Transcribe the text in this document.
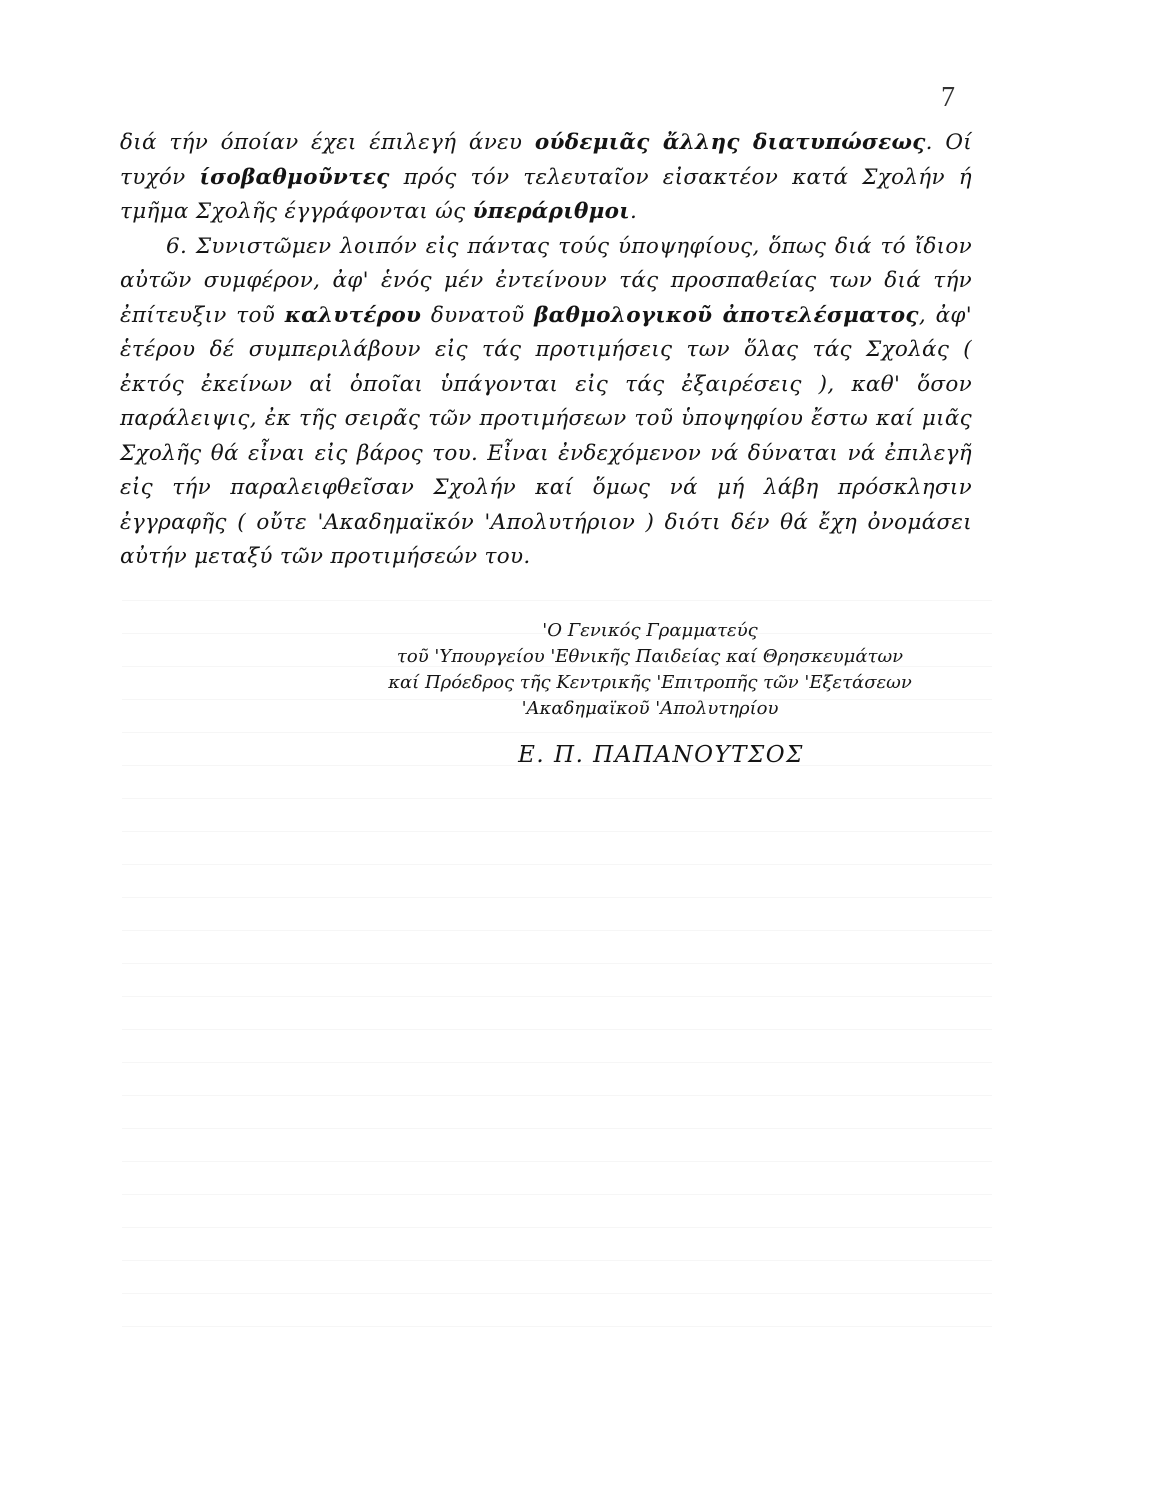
7

διά τήν όποίαν έχει έπιλεγή άνευ ούδεμιᾶς ἄλλης διατυπώσεως. Οί τυχόν ίσοβαθμοῦντες πρός τόν τελευταῖον εἰσακτέον κατά Σχολήν ή τμῆμα Σχολῆς έγγράφονται ώς ύπεράριθμοι.

6. Συνιστῶμεν λοιπόν εἰς πάντας τούς ύποψηφίους, ὅπως διά τό ἴδιον αὐτῶν συμφέρον, ἀφ' ἑνός μέν ἐντείνουν τάς προσπαθείας των διά τήν ἐπίτευξιν τοῦ καλυτέρου δυνατοῦ βαθμολογικοῦ ἀποτελέσματος, ἀφ' ἑτέρου δέ συμπεριλάβουν εἰς τάς προτιμήσεις των ὅλας τάς Σχολάς ( ἐκτός ἐκείνων αἱ ὁποῖαι ὑπάγονται εἰς τάς ἐξαιρέσεις ), καθ' ὅσον παράλειψις, ἐκ τῆς σειρᾶς τῶν προτιμήσεων τοῦ ὑποψηφίου ἔστω καί μιᾶς Σχολῆς θά εἶναι εἰς βάρος του. Εἶναι ἐνδεχόμενον νά δύναται νά ἐπιλεγῆ εἰς τήν παραλειφθεῖσαν Σχολήν καί ὅμως νά μή λάβη πρόσκλησιν ἐγγραφῆς ( οὔτε 'Ακαδημαϊκόν 'Απολυτήριον ) διότι δέν θά ἔχη ὀνομάσει αὐτήν μεταξύ τῶν προτιμήσεών του.

'Ο Γενικός Γραμματεύς
τοῦ 'Υπουργείου 'Εθνικῆς Παιδείας καί Θρησκευμάτων
καί Πρόεδρος τῆς Κεντρικῆς 'Επιτροπῆς τῶν 'Εξετάσεων
'Ακαδημαϊκοῦ 'Απολυτηρίου
Ε. Π. ΠΑΠΑΝΟΥΤΣΟΣ
